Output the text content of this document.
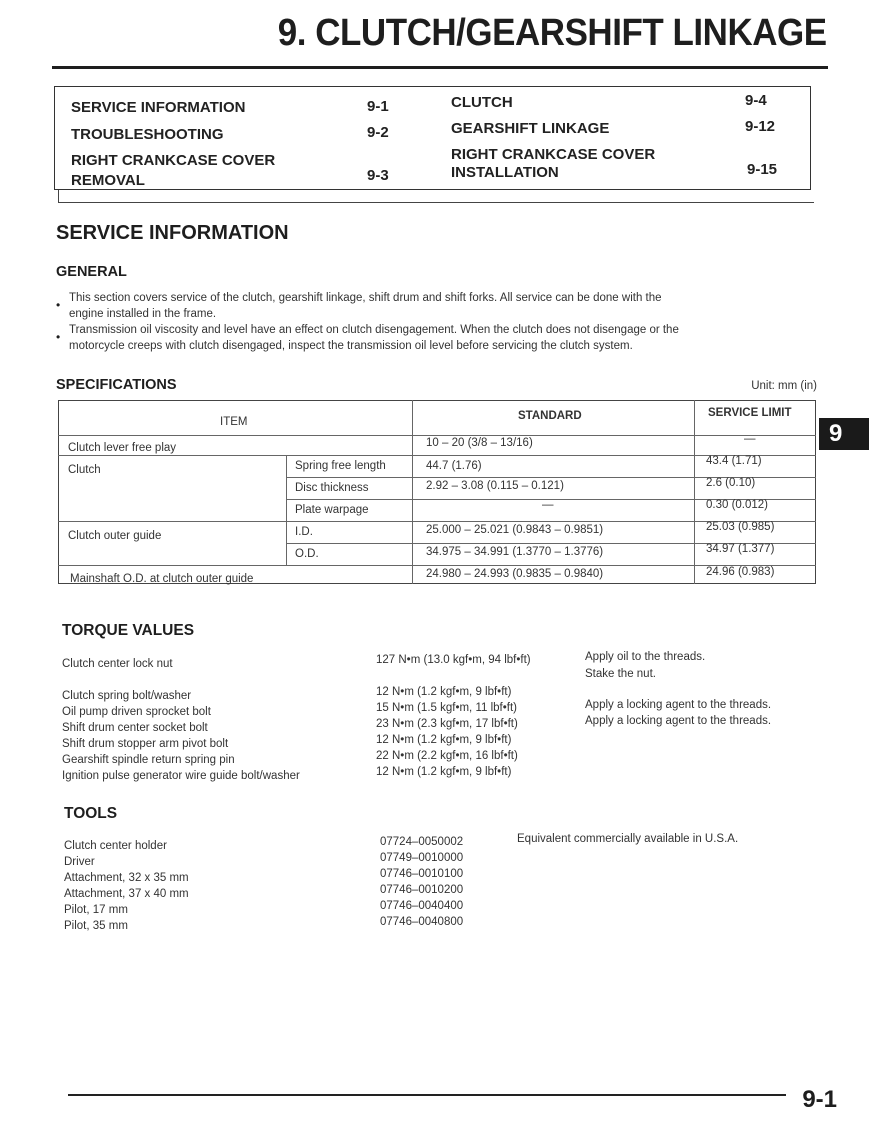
9. CLUTCH/GEARSHIFT LINKAGE
SERVICE INFORMATION	9-1
TROUBLESHOOTING	9-2
RIGHT CRANKCASE COVER
REMOVAL	9-3
CLUTCH	9-4
GEARSHIFT LINKAGE	9-12
RIGHT CRANKCASE COVER
INSTALLATION	9-15
SERVICE INFORMATION
GENERAL
• This section covers service of the clutch, gearshift linkage, shift drum and shift forks. All service can be done with the
engine installed in the frame.
• Transmission oil viscosity and level have an effect on clutch disengagement. When the clutch does not disengage or the
motorcycle creeps with clutch disengaged, inspect the transmission oil level before servicing the clutch system.
SPECIFICATIONS	Unit: mm (in)
ITEM	STANDARD	SERVICE LIMIT
Clutch lever free play	10 – 20 (3/8 – 13/16)	—
Clutch	Spring free length	44.7 (1.76)	43.4 (1.71)
Disc thickness	2.92 – 3.08 (0.115 – 0.121)	2.6 (0.10)
Plate warpage	—	0.30 (0.012)
Clutch outer guide	I.D.	25.000 – 25.021 (0.9843 – 0.9851)	25.03 (0.985)
O.D.	34.975 – 34.991 (1.3770 – 1.3776)	34.97 (1.377)
Mainshaft O.D. at clutch outer guide	24.980 – 24.993 (0.9835 – 0.9840)	24.96 (0.983)
9
TORQUE VALUES
Clutch center lock nut	127 N•m (13.0 kgf•m, 94 lbf•ft)	Apply oil to the threads.
Stake the nut.
Clutch spring bolt/washer	12 N•m (1.2 kgf•m, 9 lbf•ft)
Oil pump driven sprocket bolt	15 N•m (1.5 kgf•m, 11 lbf•ft)	Apply a locking agent to the threads.
Shift drum center socket bolt	23 N•m (2.3 kgf•m, 17 lbf•ft)	Apply a locking agent to the threads.
Shift drum stopper arm pivot bolt	12 N•m (1.2 kgf•m, 9 lbf•ft)
Gearshift spindle return spring pin	22 N•m (2.2 kgf•m, 16 lbf•ft)
Ignition pulse generator wire guide bolt/washer	12 N•m (1.2 kgf•m, 9 lbf•ft)
TOOLS
Equivalent commercially available in U.S.A.
Clutch center holder	07724–0050002
Driver	07749–0010000
Attachment, 32 x 35 mm	07746–0010100
Attachment, 37 x 40 mm	07746–0010200
Pilot, 17 mm	07746–0040400
Pilot, 35 mm	07746–0040800
9-1
